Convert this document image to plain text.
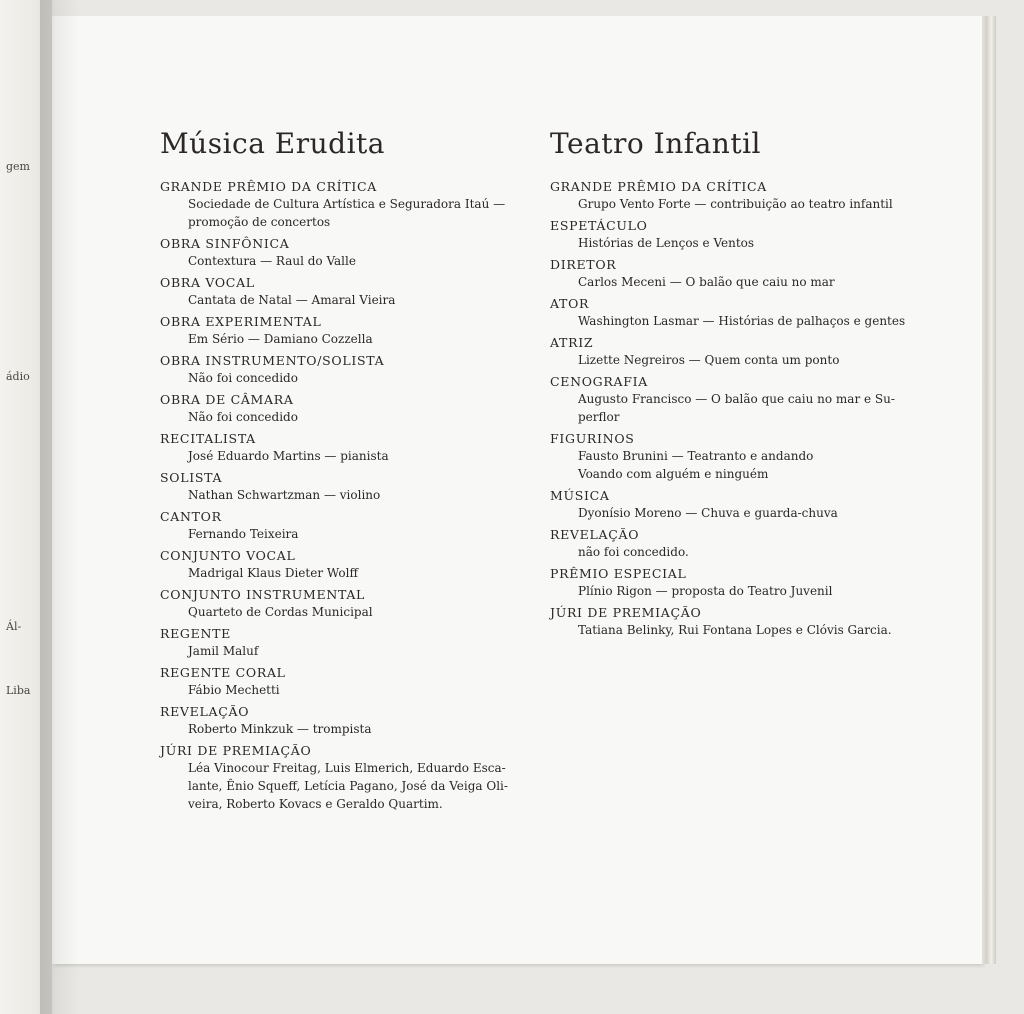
gem
ádio
Ál-
Liba
Música Erudita
GRANDE PRÊMIO DA CRÍTICA
Sociedade de Cultura Artística e Seguradora Itaú —
promoção de concertos
OBRA SINFÔNICA
Contextura — Raul do Valle
OBRA VOCAL
Cantata de Natal — Amaral Vieira
OBRA EXPERIMENTAL
Em Sério — Damiano Cozzella
OBRA INSTRUMENTO/SOLISTA
Não foi concedido
OBRA DE CÂMARA
Não foi concedido
RECITALISTA
José Eduardo Martins — pianista
SOLISTA
Nathan Schwartzman — violino
CANTOR
Fernando Teixeira
CONJUNTO VOCAL
Madrigal Klaus Dieter Wolff
CONJUNTO INSTRUMENTAL
Quarteto de Cordas Municipal
REGENTE
Jamil Maluf
REGENTE CORAL
Fábio Mechetti
REVELAÇÃO
Roberto Minkzuk — trompista
JÚRI DE PREMIAÇÃO
Léa Vinocour Freitag, Luis Elmerich, Eduardo Esca-
lante, Ênio Squeff, Letícia Pagano, José da Veiga Oli-
veira, Roberto Kovacs e Geraldo Quartim.
Teatro Infantil
GRANDE PRÊMIO DA CRÍTICA
Grupo Vento Forte — contribuição ao teatro infantil
ESPETÁCULO
Histórias de Lenços e Ventos
DIRETOR
Carlos Meceni — O balão que caiu no mar
ATOR
Washington Lasmar — Histórias de palhaços e gentes
ATRIZ
Lizette Negreiros — Quem conta um ponto
CENOGRAFIA
Augusto Francisco — O balão que caiu no mar e Su-
perflor
FIGURINOS
Fausto Brunini — Teatranto e andando
Voando com alguém e ninguém
MÚSICA
Dyonísio Moreno — Chuva e guarda-chuva
REVELAÇÃO
não foi concedido.
PRÊMIO ESPECIAL
Plínio Rigon — proposta do Teatro Juvenil
JÚRI DE PREMIAÇÃO
Tatiana Belinky, Rui Fontana Lopes e Clóvis Garcia.
